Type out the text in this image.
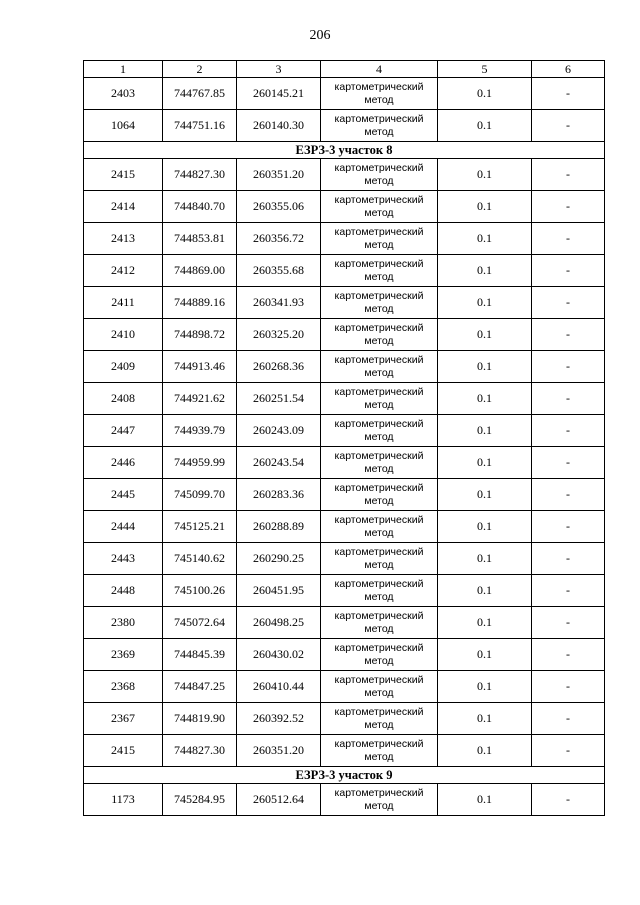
206
1	2	3	4	5	6
2403	744767.85	260145.21	картометрический
метод	0.1	-
1064	744751.16	260140.30	картометрический
метод	0.1	-
ЕЗРЗ-3 участок 8					
2415	744827.30	260351.20	картометрический
метод	0.1	-
2414	744840.70	260355.06	картометрический
метод	0.1	-
2413	744853.81	260356.72	картометрический
метод	0.1	-
2412	744869.00	260355.68	картометрический
метод	0.1	-
2411	744889.16	260341.93	картометрический
метод	0.1	-
2410	744898.72	260325.20	картометрический
метод	0.1	-
2409	744913.46	260268.36	картометрический
метод	0.1	-
2408	744921.62	260251.54	картометрический
метод	0.1	-
2447	744939.79	260243.09	картометрический
метод	0.1	-
2446	744959.99	260243.54	картометрический
метод	0.1	-
2445	745099.70	260283.36	картометрический
метод	0.1	-
2444	745125.21	260288.89	картометрический
метод	0.1	-
2443	745140.62	260290.25	картометрический
метод	0.1	-
2448	745100.26	260451.95	картометрический
метод	0.1	-
2380	745072.64	260498.25	картометрический
метод	0.1	-
2369	744845.39	260430.02	картометрический
метод	0.1	-
2368	744847.25	260410.44	картометрический
метод	0.1	-
2367	744819.90	260392.52	картометрический
метод	0.1	-
2415	744827.30	260351.20	картометрический
метод	0.1	-
ЕЗРЗ-3 участок 9					
1173	745284.95	260512.64	картометрический
метод	0.1	-
